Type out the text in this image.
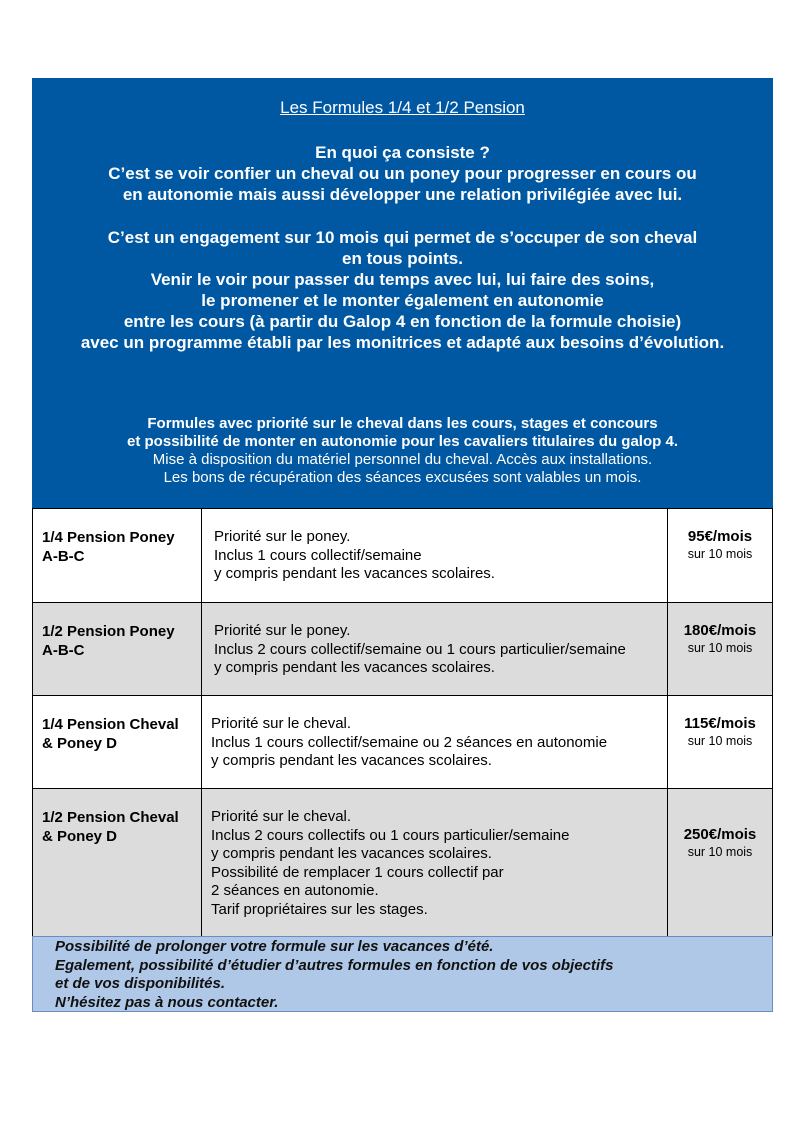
Les Formules 1/4 et 1/2 Pension

En quoi ça consiste ?

C’est se voir confier un cheval ou un poney pour progresser en cours ou

en autonomie mais aussi développer une relation privilégiée avec lui.

C’est un engagement sur 10 mois qui permet de s’occuper de son cheval

en tous points.

Venir le voir pour passer du temps avec lui, lui faire des soins,

le promener et le monter également en autonomie

entre les cours (à partir du Galop 4 en fonction de la formule choisie)

avec un programme établi par les monitrices et adapté aux besoins d’évolution.

Formules avec priorité sur le cheval dans les cours, stages et concours

et possibilité de monter en autonomie pour les cavaliers titulaires du galop 4.

Mise à disposition du matériel personnel du cheval. Accès aux installations.

Les bons de récupération des séances excusées sont valables un mois.

1/4 Pension Poney
A-B-C
Priorité sur le poney.
Inclus 1 cours collectif/semaine
y compris pendant les vacances scolaires.
95€/mois
sur 10 mois
1/2 Pension Poney
A-B-C
Priorité sur le poney.
Inclus 2 cours collectif/semaine ou 1 cours particulier/semaine
y compris pendant les vacances scolaires.
180€/mois
sur 10 mois
1/4 Pension Cheval
& Poney D
Priorité sur le cheval.
Inclus 1 cours collectif/semaine ou 2 séances en autonomie
y compris pendant les vacances scolaires.
115€/mois
sur 10 mois
1/2 Pension Cheval
& Poney D
Priorité sur le cheval.
Inclus 2 cours collectifs ou 1 cours particulier/semaine
y compris pendant les vacances scolaires.
Possibilité de remplacer 1 cours collectif par
2 séances en autonomie.
Tarif propriétaires sur les stages.
250€/mois
sur 10 mois

Possibilité de prolonger votre formule sur les vacances d’été.

Egalement, possibilité d’étudier d’autres formules en fonction de vos objectifs

et de vos disponibilités.

N’hésitez pas à nous contacter.
